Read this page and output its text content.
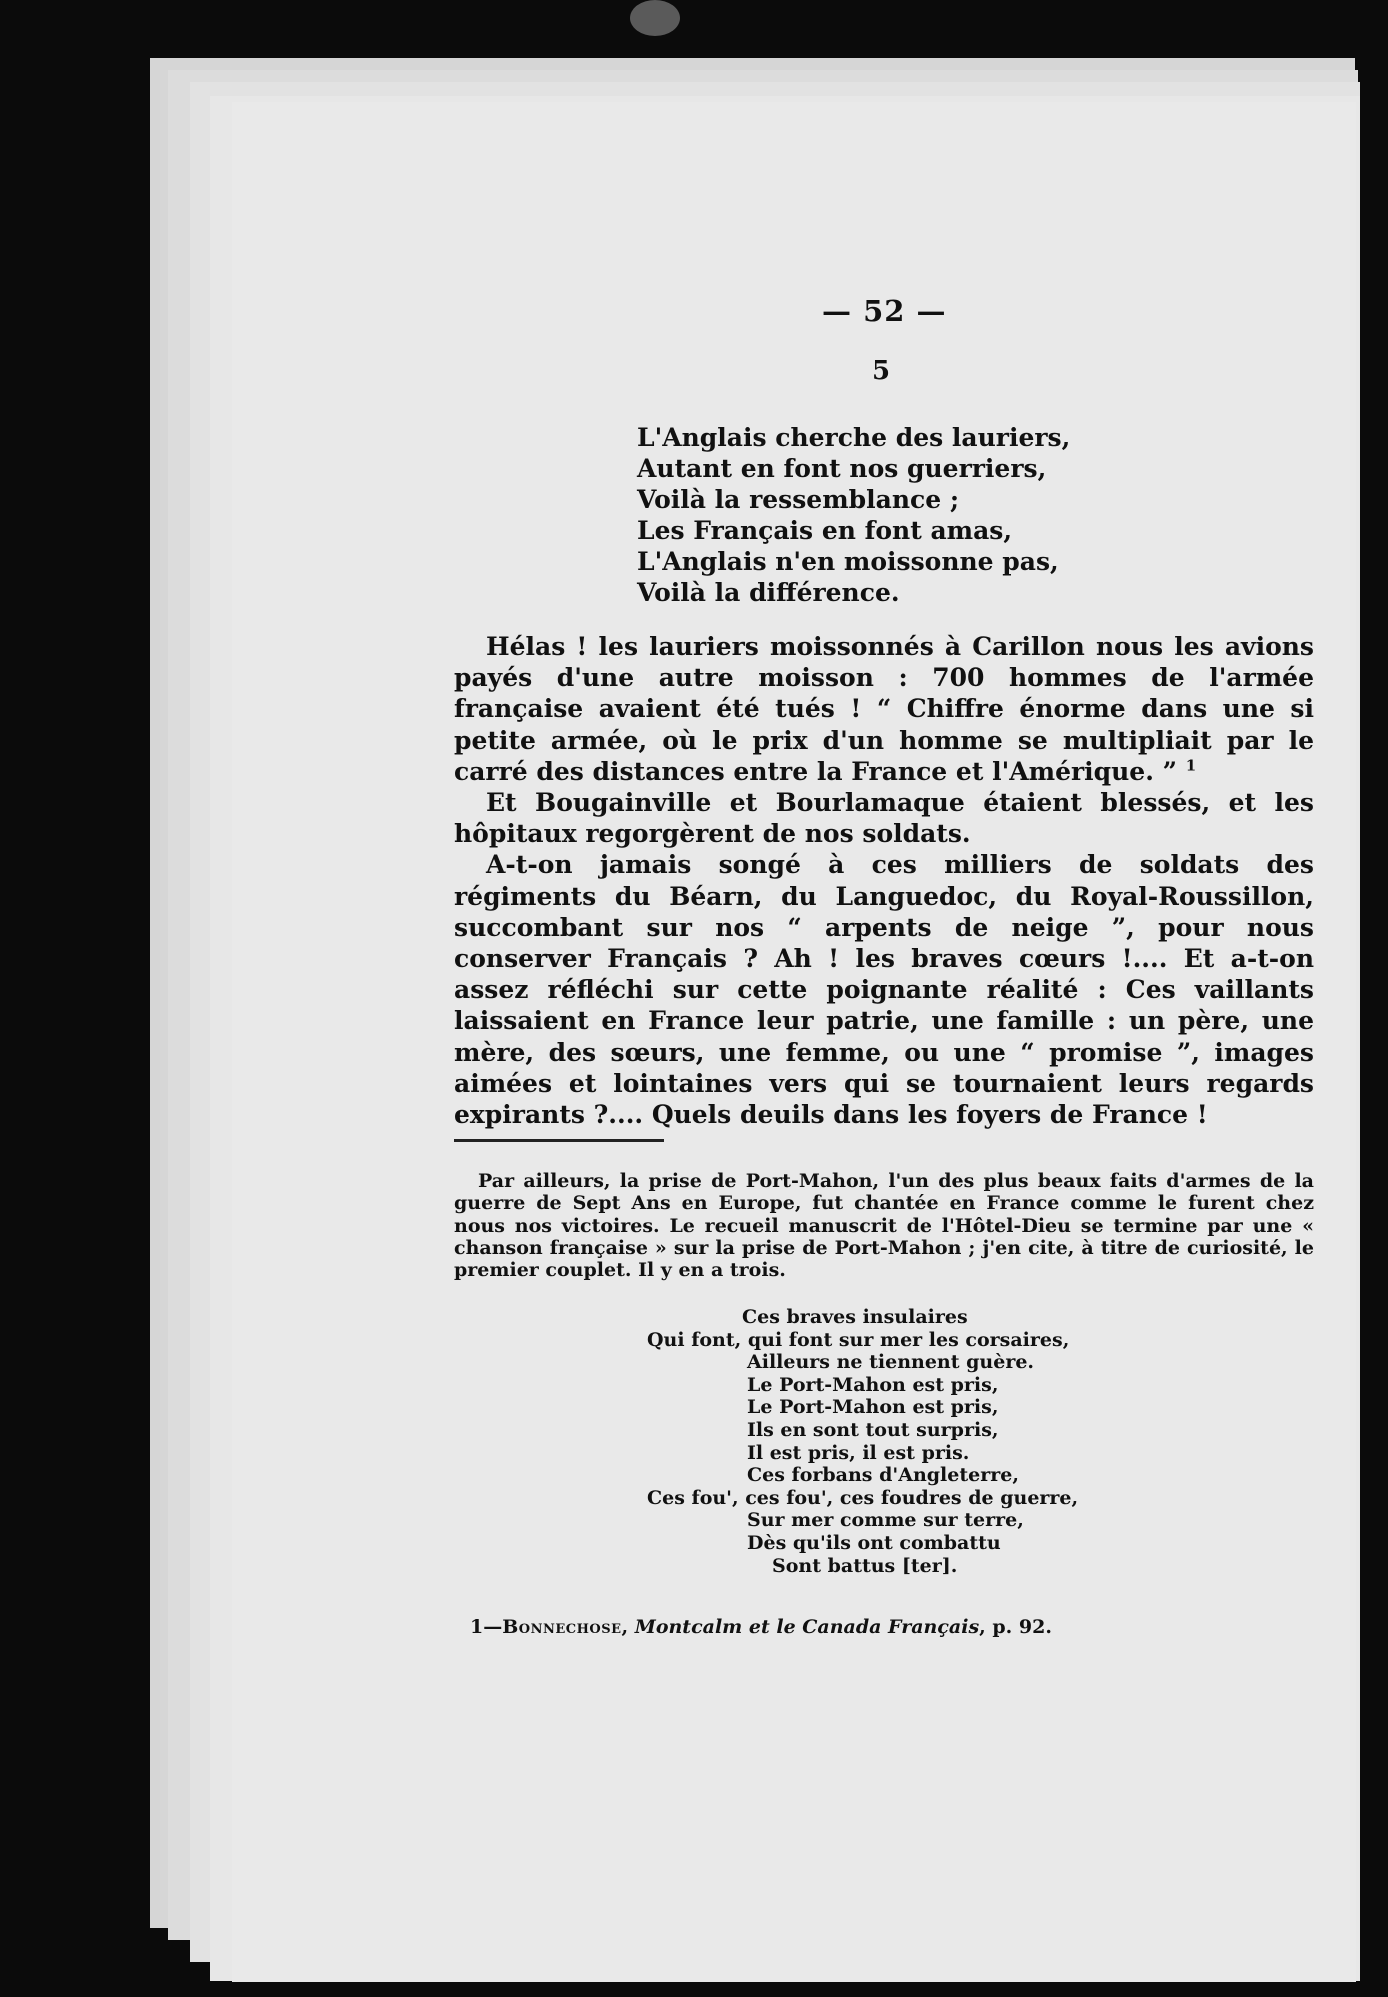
— 52 —
5
L'Anglais cherche des lauriers,
Autant en font nos guerriers,
Voilà la ressemblance ;
Les Français en font amas,
L'Anglais n'en moissonne pas,
Voilà la différence.

Hélas ! les lauriers moissonnés à Carillon nous les avions payés d'une autre moisson : 700 hommes de l'armée française avaient été tués ! “ Chiffre énorme dans une si petite armée, où le prix d'un homme se multipliait par le carré des distances entre la France et l'Amérique. ” $^1$

Et Bougainville et Bourlamaque étaient blessés, et les hôpitaux regorgèrent de nos soldats.

A-t-on jamais songé à ces milliers de soldats des régiments du Béarn, du Languedoc, du Royal-Roussillon, succombant sur nos “ arpents de neige ”, pour nous conserver Français ? Ah ! les braves cœurs !.... Et a-t-on assez réfléchi sur cette poignante réalité : Ces vaillants laissaient en France leur patrie, une famille : un père, une mère, des sœurs, une femme, ou une “ promise ”, images aimées et lointaines vers qui se tournaient leurs regards expirants ?.... Quels deuils dans les foyers de France !

Par ailleurs, la prise de Port-Mahon, l'un des plus beaux faits d'armes de la guerre de Sept Ans en Europe, fut chantée en France comme le furent chez nous nos victoires. Le recueil manuscrit de l'Hôtel-Dieu se termine par une « chanson française » sur la prise de Port-Mahon ; j'en cite, à titre de curiosité, le premier couplet. Il y en a trois.

Ces braves insulaires
Qui font, qui font sur mer les corsaires,
Ailleurs ne tiennent guère.
Le Port-Mahon est pris,
Le Port-Mahon est pris,
Ils en sont tout surpris,
Il est pris, il est pris.
Ces forbans d'Angleterre,
Ces fou', ces fou', ces foudres de guerre,
Sur mer comme sur terre,
Dès qu'ils ont combattu
Sont battus [ter].
1—Bonnechose, Montcalm et le Canada Français, p. 92.
